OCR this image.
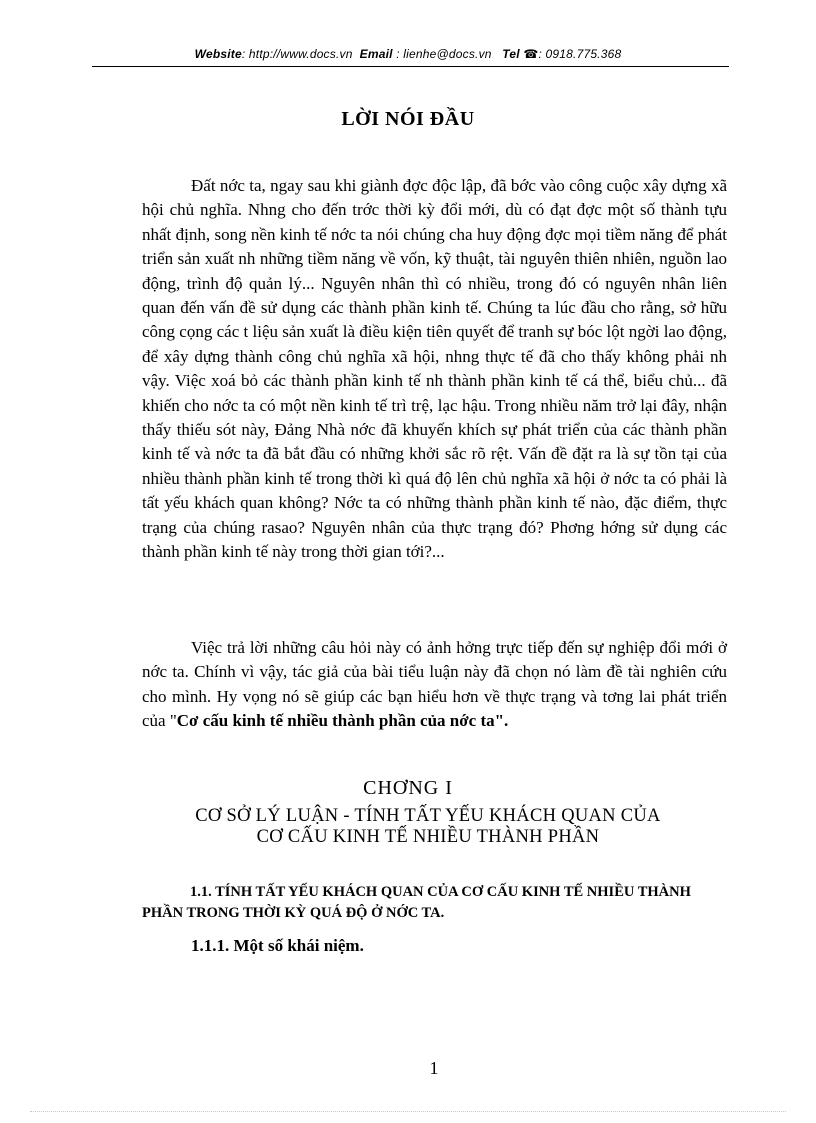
Website: http://www.docs.vn Email : lienhe@docs.vn Tel ☎: 0918.775.368
LỜI NÓI ĐẦU

Đất nớc ta, ngay sau khi giành đợc độc lập, đã bớc vào công cuộc xây dựng xã hội chủ nghĩa. Nhng cho đến trớc thời kỳ đổi mới, dù có đạt đợc một số thành tựu nhất định, song nền kinh tế nớc ta nói chúng cha huy động đợc mọi tiềm năng để phát triển sản xuất nh những tiềm năng về vốn, kỹ thuật, tài nguyên thiên nhiên, nguồn lao động, trình độ quản lý... Nguyên nhân thì có nhiều, trong đó có nguyên nhân liên quan đến vấn đề sử dụng các thành phần kinh tế. Chúng ta lúc đầu cho rằng, sở hữu công cọng các t liệu sản xuất là điều kiện tiên quyết để tranh sự bóc lột ngời lao động, để xây dựng thành công chủ nghĩa xã hội, nhng thực tế đã cho thấy không phải nh vậy. Việc xoá bỏ các thành phần kinh tế nh thành phần kinh tế cá thể, biểu chủ... đã khiến cho nớc ta có một nền kinh tế trì trệ, lạc hậu. Trong nhiều năm trở lại đây, nhận thấy thiếu sót này, Đảng Nhà nớc đã khuyến khích sự phát triển của các thành phần kinh tế và nớc ta đã bắt đầu có những khởi sắc rõ rệt. Vấn đề đặt ra là sự tồn tại của nhiều thành phần kinh tế trong thời kì quá độ lên chủ nghĩa xã hội ở nớc ta có phải là tất yếu khách quan không? Nớc ta có những thành phần kinh tế nào, đặc điểm, thực trạng của chúng rasao? Nguyên nhân của thực trạng đó? Phơng hớng sử dụng các thành phần kinh tế này trong thời gian tới?...

Việc trả lời những câu hỏi này có ảnh hởng trực tiếp đến sự nghiệp đổi mới ở nớc ta. Chính vì vậy, tác giả của bài tiểu luận này đã chọn nó làm đề tài nghiên cứu cho mình. Hy vọng nó sẽ giúp các bạn hiểu hơn về thực trạng và tơng lai phát triển của "Cơ cấu kinh tế nhiều thành phần của nớc ta".

CHƠNG I
CƠ SỞ LÝ LUẬN - TÍNH TẤT YẾU KHÁCH QUAN CỦA
CƠ CẤU KINH TẾ NHIỀU THÀNH PHẦN
1.1. TÍNH TẤT YẾU KHÁCH QUAN CỦA CƠ CẤU KINH TẾ NHIỀU THÀNH PHẦN TRONG THỜI KỲ QUÁ ĐỘ Ở NỚC TA.
1.1.1. Một số khái niệm.
1
